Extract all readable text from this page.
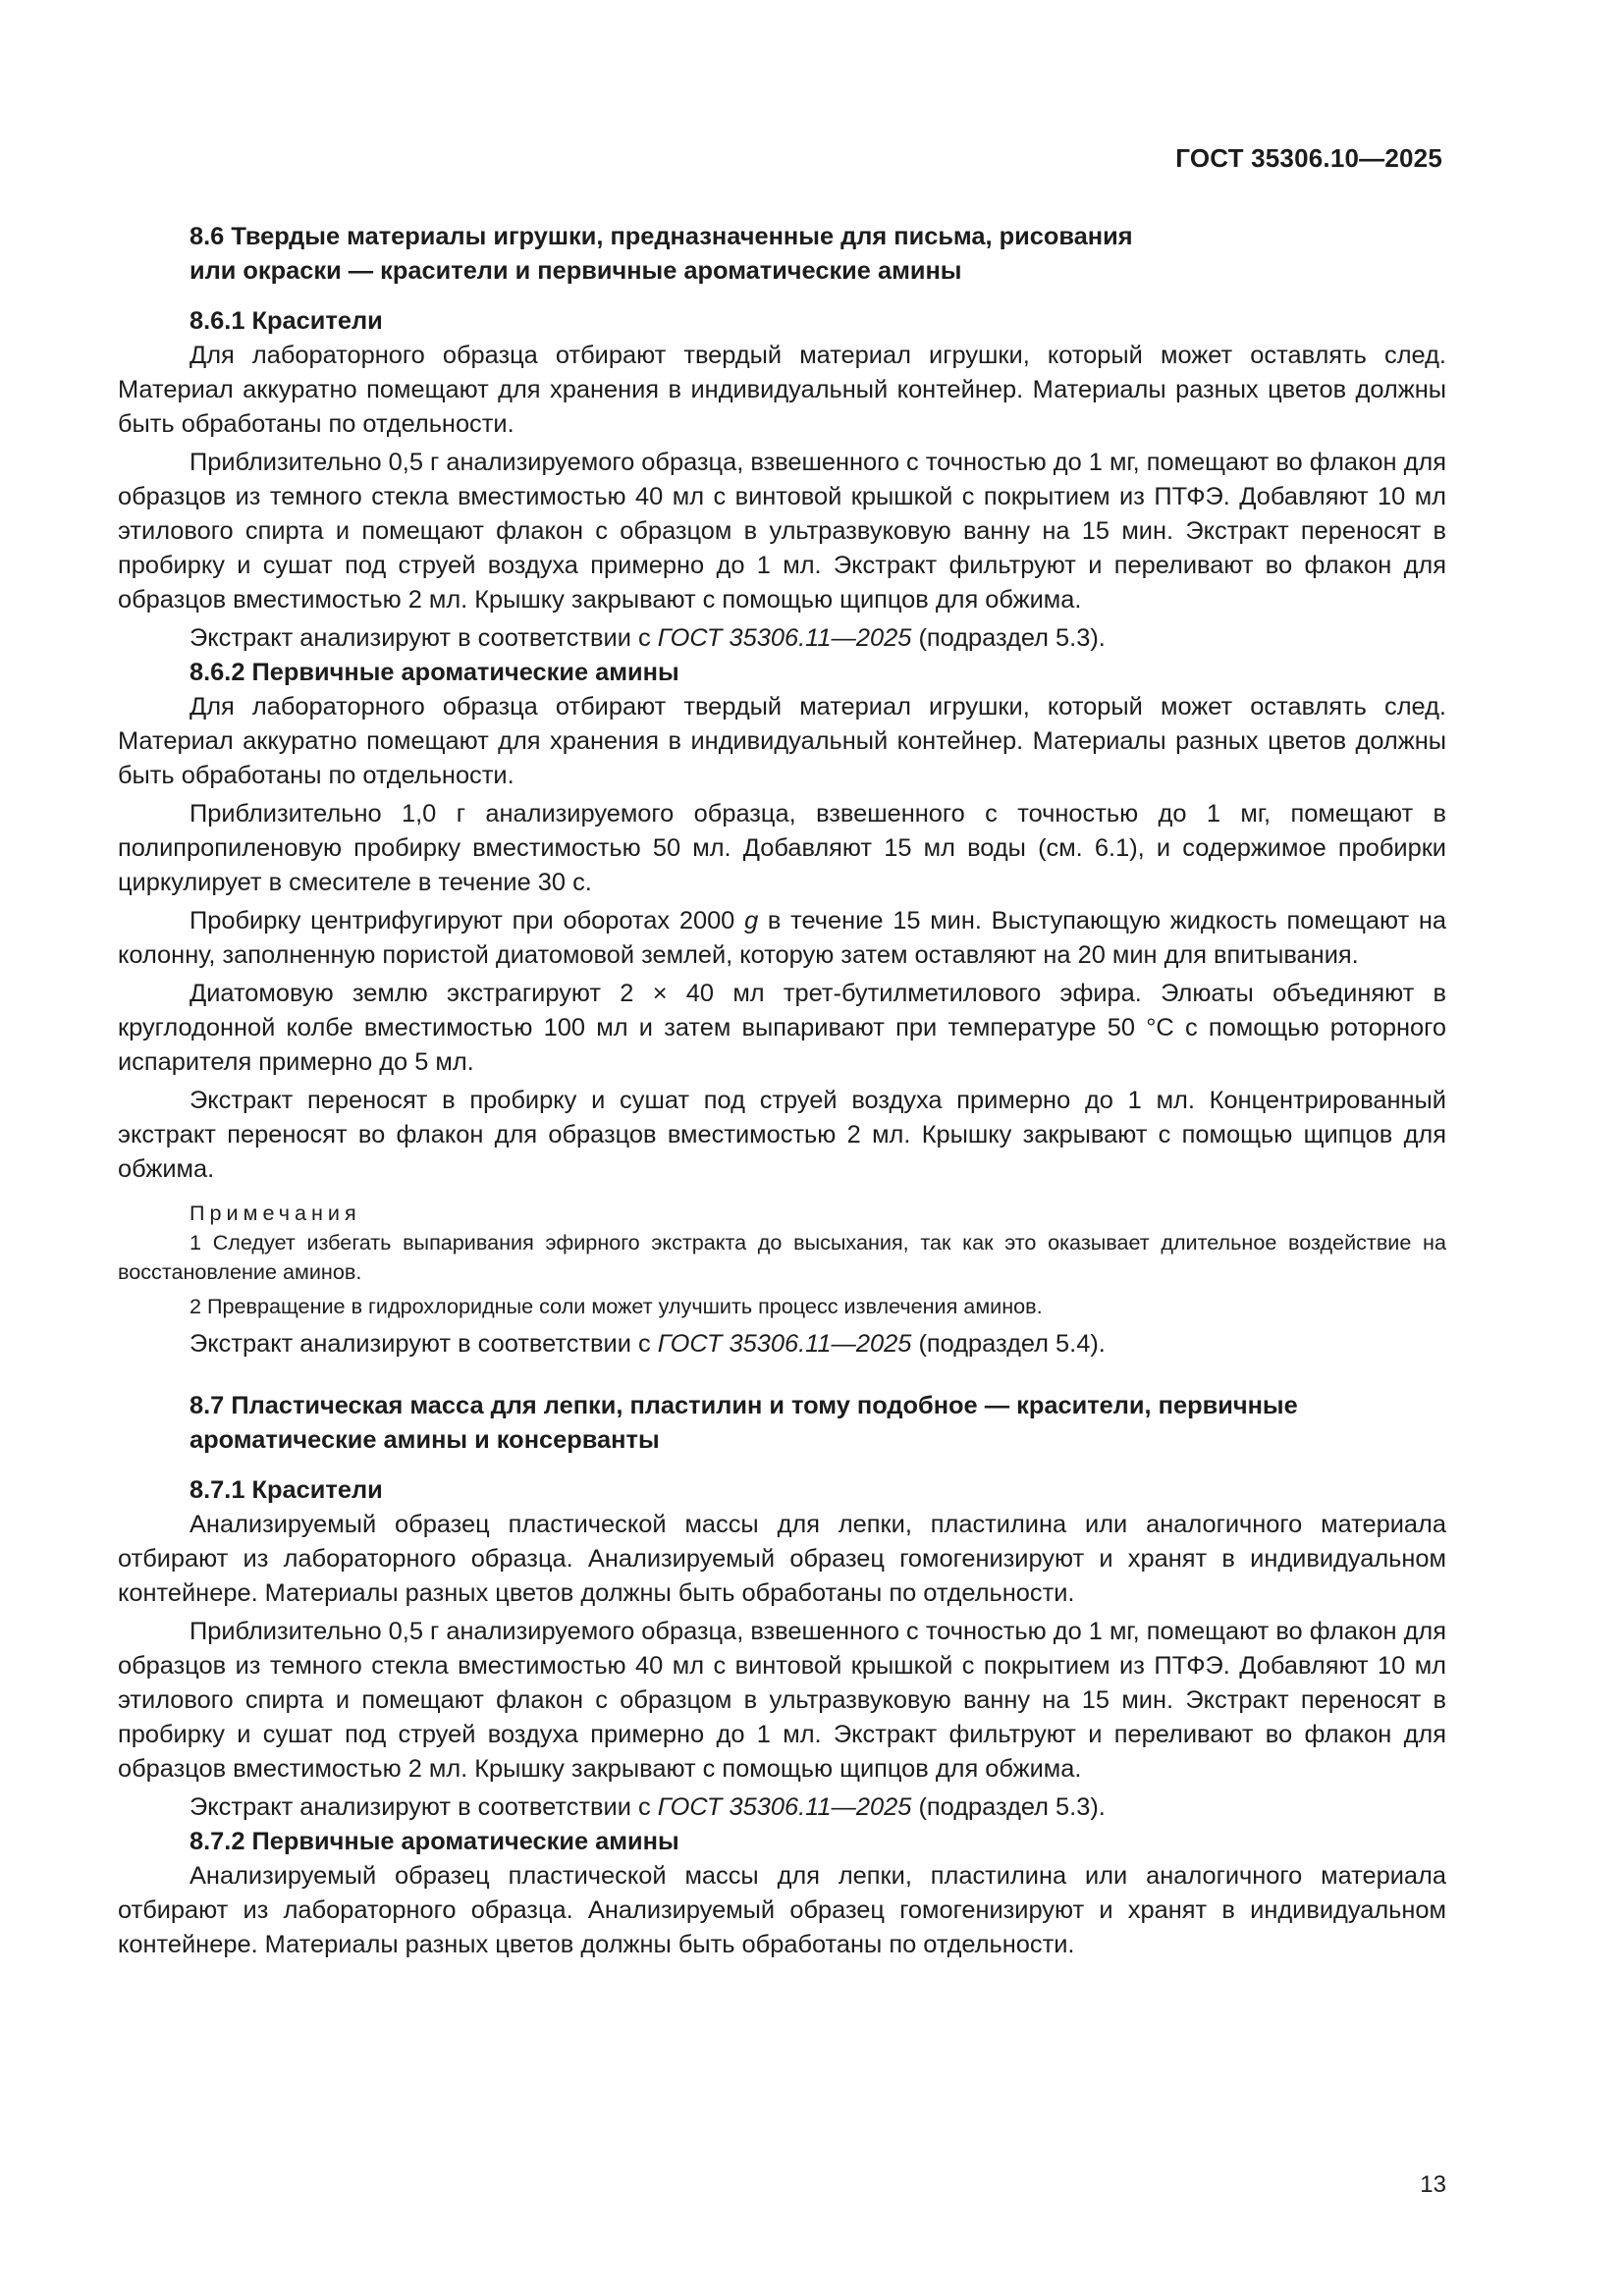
ГОСТ 35306.10—2025
8.6 Твердые материалы игрушки, предназначенные для письма, рисования
или окраски — красители и первичные ароматические амины
8.6.1 Красители

Для лабораторного образца отбирают твердый материал игрушки, который может оставлять след. Материал аккуратно помещают для хранения в индивидуальный контейнер. Материалы разных цветов должны быть обработаны по отдельности.

Приблизительно 0,5 г анализируемого образца, взвешенного с точностью до 1 мг, помещают во флакон для образцов из темного стекла вместимостью 40 мл с винтовой крышкой с покрытием из ПТФЭ. Добавляют 10 мл этилового спирта и помещают флакон с образцом в ультразвуковую ванну на 15 мин. Экстракт переносят в пробирку и сушат под струей воздуха примерно до 1 мл. Экстракт фильтруют и переливают во флакон для образцов вместимостью 2 мл. Крышку закрывают с помощью щипцов для обжима.

Экстракт анализируют в соответствии с ГОСТ 35306.11—2025 (подраздел 5.3).

8.6.2 Первичные ароматические амины

Для лабораторного образца отбирают твердый материал игрушки, который может оставлять след. Материал аккуратно помещают для хранения в индивидуальный контейнер. Материалы разных цветов должны быть обработаны по отдельности.

Приблизительно 1,0 г анализируемого образца, взвешенного с точностью до 1 мг, помещают в полипропиленовую пробирку вместимостью 50 мл. Добавляют 15 мл воды (см. 6.1), и содержимое пробирки циркулирует в смесителе в течение 30 с.

Пробирку центрифугируют при оборотах 2000 g в течение 15 мин. Выступающую жидкость помещают на колонну, заполненную пористой диатомовой землей, которую затем оставляют на 20 мин для впитывания.

Диатомовую землю экстрагируют 2 × 40 мл трет-бутилметилового эфира. Элюаты объединяют в круглодонной колбе вместимостью 100 мл и затем выпаривают при температуре 50 °С с помощью роторного испарителя примерно до 5 мл.

Экстракт переносят в пробирку и сушат под струей воздуха примерно до 1 мл. Концентрированный экстракт переносят во флакон для образцов вместимостью 2 мл. Крышку закрывают с помощью щипцов для обжима.

Примечания

1 Следует избегать выпаривания эфирного экстракта до высыхания, так как это оказывает длительное воздействие на восстановление аминов.

2 Превращение в гидрохлоридные соли может улучшить процесс извлечения аминов.

Экстракт анализируют в соответствии с ГОСТ 35306.11—2025 (подраздел 5.4).

8.7 Пластическая масса для лепки, пластилин и тому подобное — красители, первичные
ароматические амины и консерванты
8.7.1 Красители

Анализируемый образец пластической массы для лепки, пластилина или аналогичного материала отбирают из лабораторного образца. Анализируемый образец гомогенизируют и хранят в индивидуальном контейнере. Материалы разных цветов должны быть обработаны по отдельности.

Приблизительно 0,5 г анализируемого образца, взвешенного с точностью до 1 мг, помещают во флакон для образцов из темного стекла вместимостью 40 мл с винтовой крышкой с покрытием из ПТФЭ. Добавляют 10 мл этилового спирта и помещают флакон с образцом в ультразвуковую ванну на 15 мин. Экстракт переносят в пробирку и сушат под струей воздуха примерно до 1 мл. Экстракт фильтруют и переливают во флакон для образцов вместимостью 2 мл. Крышку закрывают с помощью щипцов для обжима.

Экстракт анализируют в соответствии с ГОСТ 35306.11—2025 (подраздел 5.3).

8.7.2 Первичные ароматические амины

Анализируемый образец пластической массы для лепки, пластилина или аналогичного материала отбирают из лабораторного образца. Анализируемый образец гомогенизируют и хранят в индивидуальном контейнере. Материалы разных цветов должны быть обработаны по отдельности.

13
